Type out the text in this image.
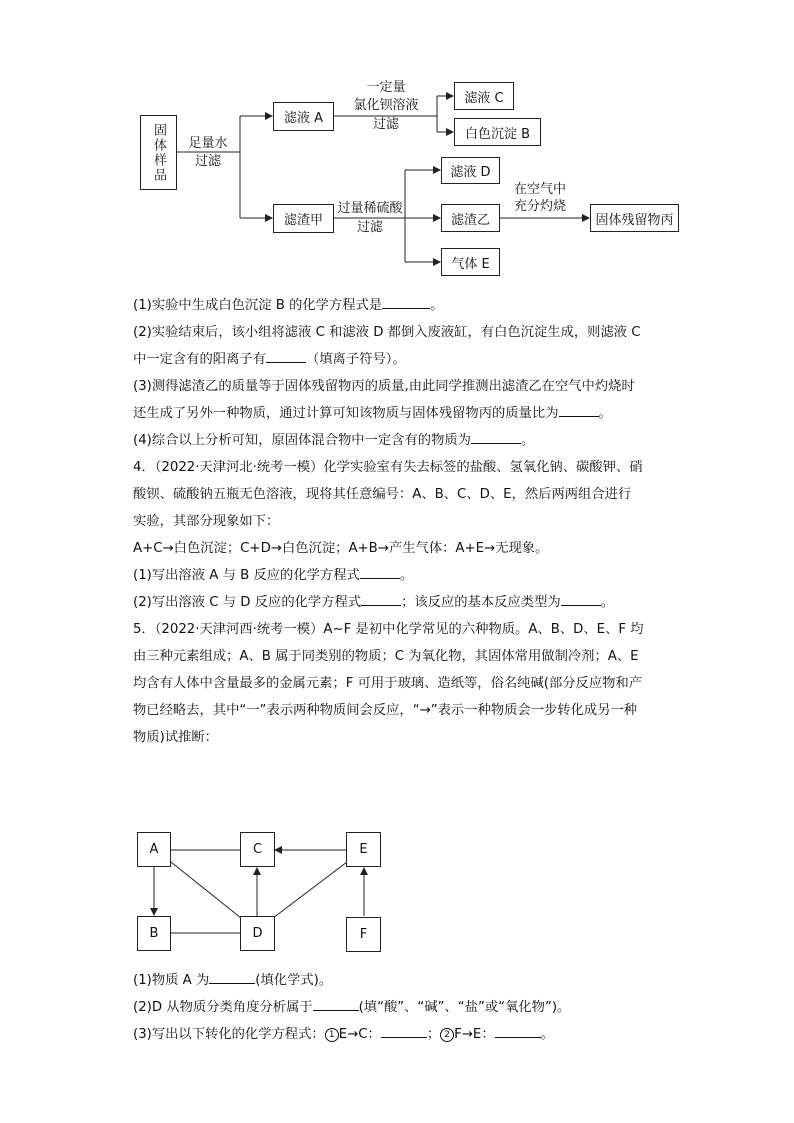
固体样品	足量水
过滤
滤液 A
一定量
氯化钡溶液
过滤
滤液 C
白色沉淀 B
滤渣甲
过量稀硫酸
过滤
滤液 D
滤渣乙
气体 E
在空气中
充分灼烧
固体残留物丙
(1)实验中生成白色沉淀 B 的化学方程式是	。
(2)实验结束后，该小组将滤液 C 和滤液 D 都倒入废液缸，有白色沉淀生成，则滤液 C
中一定含有的阳离子有	（填离子符号）。
(3)测得滤渣乙的质量等于固体残留物丙的质量,由此同学推测出滤渣乙在空气中灼烧时
还生成了另外一种物质，通过计算可知该物质与固体残留物丙的质量比为	。
(4)综合以上分析可知，原固体混合物中一定含有的物质为	。
4．（2022·天津河北·统考一模）化学实验室有失去标签的盐酸、氢氧化钠、碳酸钾、硝
酸钡、硫酸钠五瓶无色溶液，现将其任意编号：A、B、C、D、E，然后两两组合进行
实验，其部分现象如下：
A+C→白色沉淀；C+D→白色沉淀；A+B→产生气体：A+E→无现象。
(1)写出溶液 A 与 B 反应的化学方程式	。
(2)写出溶液 C 与 D 反应的化学方程式	；该反应的基本反应类型为	。
5．（2022·天津河西·统考一模）A~F 是初中化学常见的六种物质。A、B、D、E、F 均
由三种元素组成；A、B 属于同类别的物质；C 为氧化物，其固体常用做制冷剂；A、E
均含有人体中含量最多的金属元素；F 可用于玻璃、造纸等，俗名纯碱(部分反应物和产
物已经略去，其中“一”表示两种物质间会反应，“→”表示一种物质会一步转化成另一种
物质)试推断：
A	C	E
B	D	F
(1)物质 A 为	(填化学式)。
(2)D 从物质分类角度分析属于	(填“酸”、“碱”、“盐”或“氧化物”)。
(3)写出以下转化的化学方程式： 1 E→C：	； 2 F→E：	。
